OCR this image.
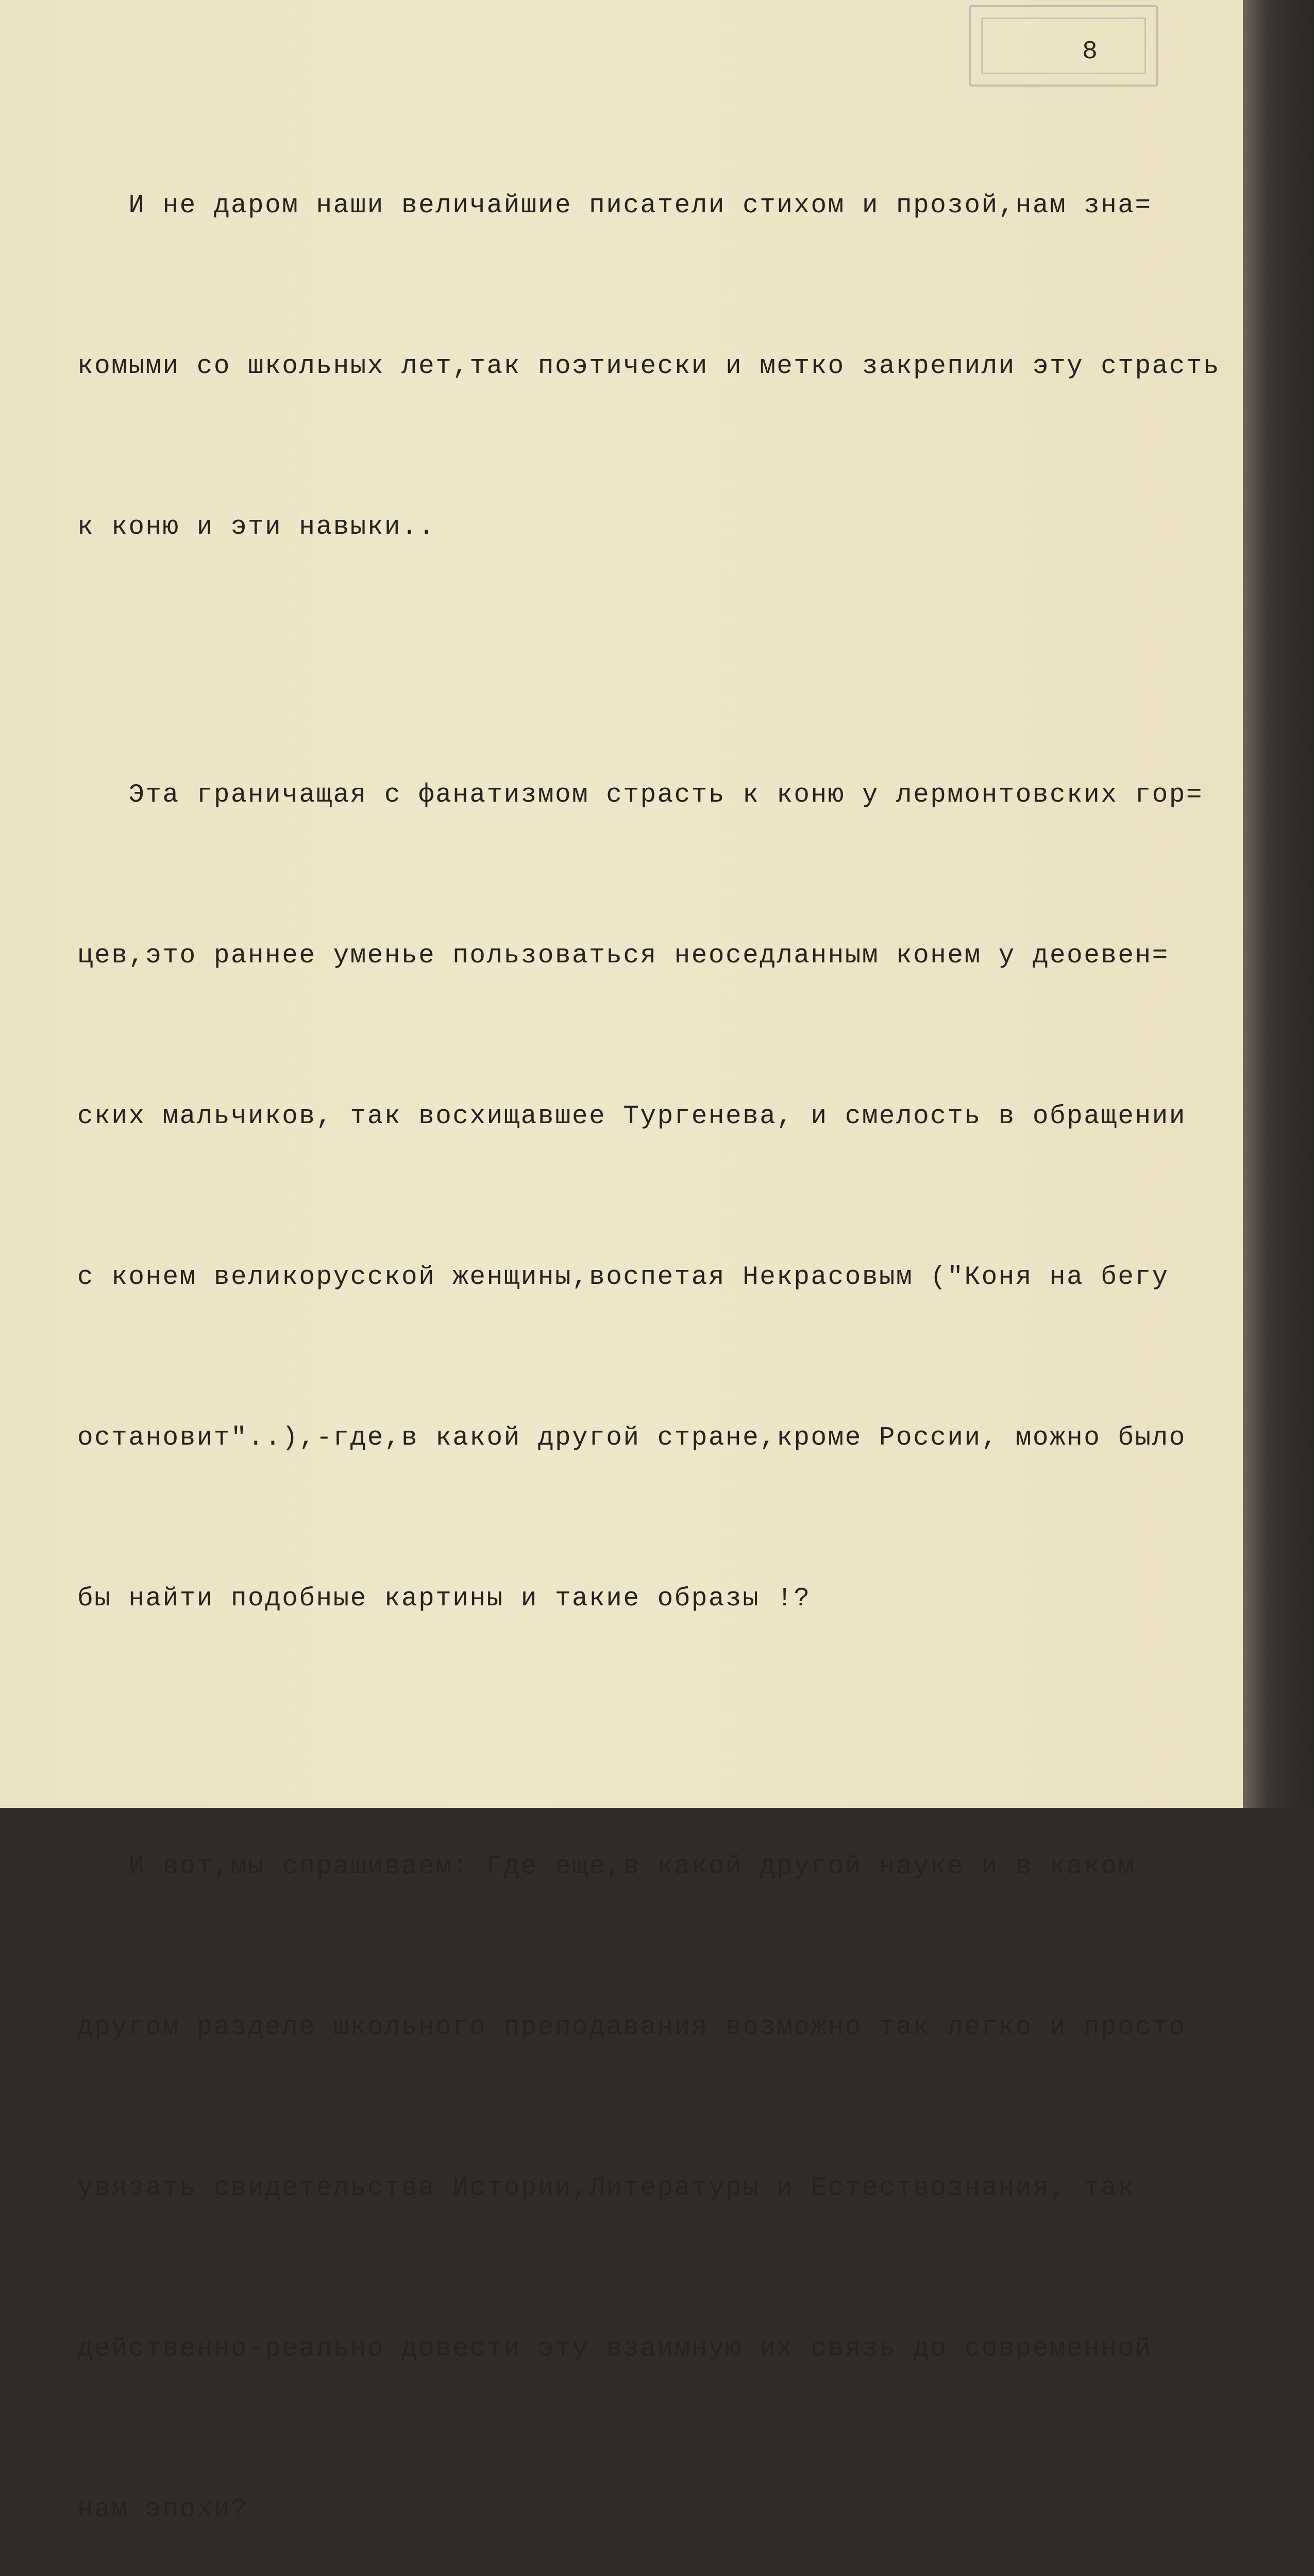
8

И не даром наши величайшие писатели стихом и прозой,нам зна=

комыми со школьных лет,так поэтически и метко закрепили эту страсть

к коню и эти навыки..

Эта граничащая с фанатизмом страсть к коню у лермонтовских гор=

цев,это раннее уменье пользоваться неоседланным конем у деоевен=

ских мальчиков, так восхищавшее Тургенева, и смелость в обращении

с конем великорусской женщины,воспетая Некрасовым ("Коня на бегу

остановит"..),-где,в какой другой стране,кроме России, можно было

бы найти подобные картины и такие образы !?

И вот,мы спрашиваем: Где еще,в какой другой науке и в каком

другом разделе школьного преподавания возможно так легко и просто

увязать свидетельства Истории,Литературы и Естествознания, так

действенно-реально довести эту взаимную их связь до современной

нам эпохи?
